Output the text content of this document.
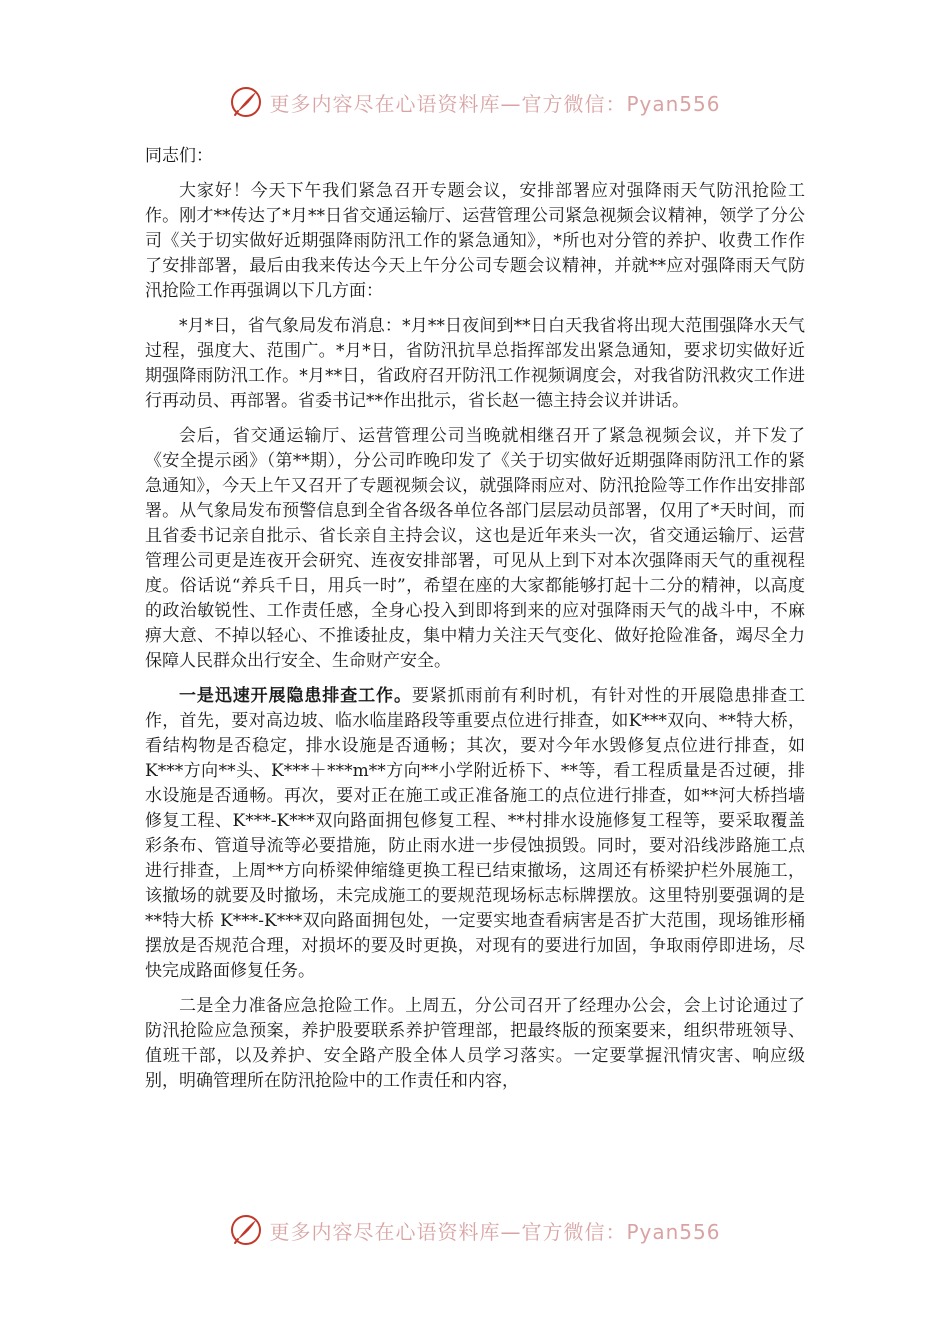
更多内容尽在心语资料库—官方微信：Pyan556

同志们：

大家好！今天下午我们紧急召开专题会议，安排部署应对强降雨天气防汛抢险工作。刚才**传达了*月**日省交通运输厅、运营管理公司紧急视频会议精神，领学了分公司《关于切实做好近期强降雨防汛工作的紧急通知》，*所也对分管的养护、收费工作作了安排部署，最后由我来传达今天上午分公司专题会议精神，并就**应对强降雨天气防汛抢险工作再强调以下几方面：

*月*日，省气象局发布消息：*月**日夜间到**日白天我省将出现大范围强降水天气过程，强度大、范围广。*月*日，省防汛抗旱总指挥部发出紧急通知，要求切实做好近期强降雨防汛工作。*月**日，省政府召开防汛工作视频调度会，对我省防汛救灾工作进行再动员、再部署。省委书记**作出批示，省长赵一德主持会议并讲话。

会后，省交通运输厅、运营管理公司当晚就相继召开了紧急视频会议，并下发了《安全提示函》（第**期），分公司昨晚印发了《关于切实做好近期强降雨防汛工作的紧急通知》，今天上午又召开了专题视频会议，就强降雨应对、防汛抢险等工作作出安排部署。从气象局发布预警信息到全省各级各单位各部门层层动员部署，仅用了*天时间，而且省委书记亲自批示、省长亲自主持会议，这也是近年来头一次，省交通运输厅、运营管理公司更是连夜开会研究、连夜安排部署，可见从上到下对本次强降雨天气的重视程度。俗话说“养兵千日，用兵一时”，希望在座的大家都能够打起十二分的精神，以高度的政治敏锐性、工作责任感，全身心投入到即将到来的应对强降雨天气的战斗中，不麻痹大意、不掉以轻心、不推诿扯皮，集中精力关注天气变化、做好抢险准备，竭尽全力保障人民群众出行安全、生命财产安全。

一是迅速开展隐患排查工作。要紧抓雨前有利时机，有针对性的开展隐患排查工作，首先，要对高边坡、临水临崖路段等重要点位进行排查，如K***双向、**特大桥，看结构物是否稳定，排水设施是否通畅；其次，要对今年水毁修复点位进行排查，如K***方向**头、K***＋***m**方向**小学附近桥下、**等，看工程质量是否过硬，排水设施是否通畅。再次，要对正在施工或正准备施工的点位进行排查，如**河大桥挡墙修复工程、K***-K***双向路面拥包修复工程、**村排水设施修复工程等，要采取覆盖彩条布、管道导流等必要措施，防止雨水进一步侵蚀损毁。同时，要对沿线涉路施工点进行排查，上周**方向桥梁伸缩缝更换工程已结束撤场，这周还有桥梁护栏外展施工，该撤场的就要及时撤场，未完成施工的要规范现场标志标牌摆放。这里特别要强调的是**特大桥 K***-K***双向路面拥包处，一定要实地查看病害是否扩大范围，现场锥形桶摆放是否规范合理，对损坏的要及时更换，对现有的要进行加固，争取雨停即进场，尽快完成路面修复任务。

二是全力准备应急抢险工作。上周五，分公司召开了经理办公会，会上讨论通过了防汛抢险应急预案，养护股要联系养护管理部，把最终版的预案要来，组织带班领导、值班干部，以及养护、安全路产股全体人员学习落实。一定要掌握汛情灾害、响应级别，明确管理所在防汛抢险中的工作责任和内容，

更多内容尽在心语资料库—官方微信：Pyan556
